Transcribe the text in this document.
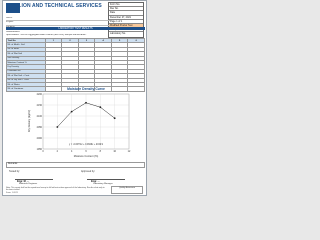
...ION AND TECHNICAL SERVICES	Form No.
Rev No.
Date
December 27, 2021
Page 1 of 1
Modified Proctor Test
Laboratory No.
Client:
Project:
LABORATORY TEST RESULTS
Classification:
Specification: Test for Aggregate Base Course (Item 201) Sample Identification:
Trial No.	1	2	3	4	5	6
Wt. of Mold + Soil						
Wt. of Mold						
Wt. of Wet Soil						
Wet Density						
Moisture Content %						
Dry Density						
Container No.						
Wt. of Wet Soil + Cont.						
Wt. of Dry Soil + Cont.						
Wt. of Water						
Wt. of Container							Moisture Density Curve
0	2	4	6	8	10	12
1950
2000
2050
2100
2150
2200
y = -0.0079x² + 0.0629x + 2019.9
Moisture Content (%)
Dry Density (kg/m³)
Remarks:
Tested by:	Approved by:
Engr. M. ...	Engr. ...
Materials Engineer	Laboratory Manager
Note: This report shall not be reproduced except in full without written approval of the laboratory. Results relate only to the items tested.
Quality Assurance
Form: 1-2021
